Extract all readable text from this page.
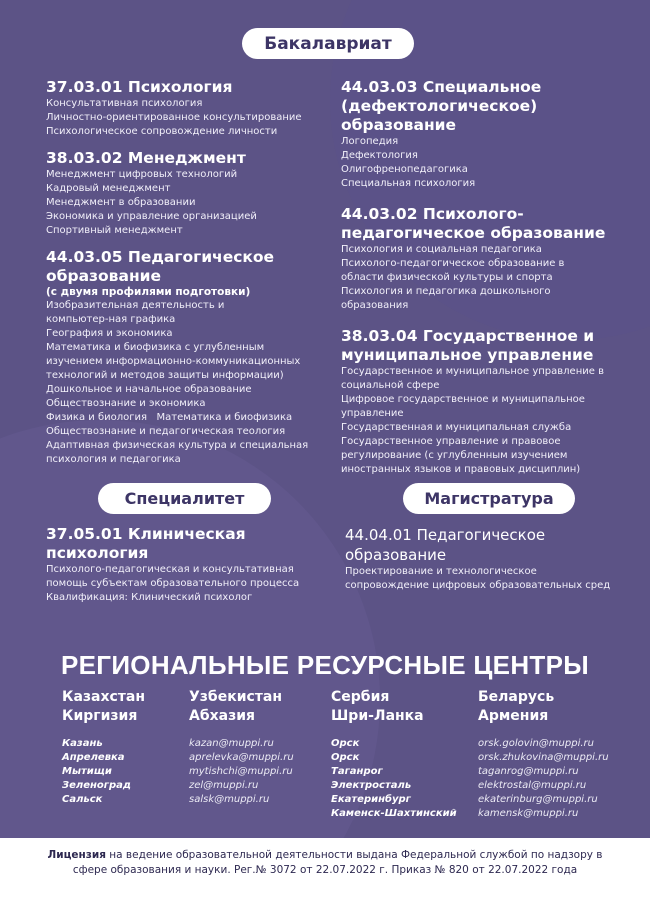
Бакалавриат
37.03.01 Психология
Консультативная психология
Личностно-ориентированное консультирование
Психологическое сопровождение личности
38.03.02 Менеджмент
Менеджмент цифровых технологий
Кадровый менеджмент
Менеджмент в образовании
Экономика и управление организацией
Спортивный менеджмент
44.03.05 Педагогическое образование
(с двумя профилями подготовки)
Изобразительная деятельность и
компьютер-ная графика
География и экономика
Математика и биофизика с углубленным
изучением информационно-коммуникационных
технологий и методов защиты информации)
Дошкольное и начальное образование
Обществознание и экономика
Физика и биология   Математика и биофизика
Обществознание и педагогическая теология
Адаптивная физическая культура и специальная
психология и педагогика
44.03.03 Специальное (дефектологическое) образование
Логопедия
Дефектология
Олигофренопедагогика
Специальная психология
44.03.02 Психолого-педагогическое образование
Психология и социальная педагогика
Психолого-педагогическое образование в
области физической культуры и спорта
Психология и педагогика дошкольного
образования
38.03.04 Государственное и муниципальное управление
Государственное и муниципальное управление в
социальной сфере
Цифровое государственное и муниципальное
управление
Государственная и муниципальная служба
Государственное управление и правовое
регулирование (с углубленным изучением
иностранных языков и правовых дисциплин)
Специалитет	Магистратура
37.05.01 Клиническая психология
Психолого-педагогическая и консультативная
помощь субъектам образовательного процесса
Квалификация: Клинический психолог
44.04.01 Педагогическое образование
Проектирование и технологическое
сопровождение цифровых образовательных сред
РЕГИОНАЛЬНЫЕ РЕСУРСНЫЕ ЦЕНТРЫ
Казахстан
Киргизия
Казань
Апрелевка
Мытищи
Зеленоград
Сальск
Узбекистан
Абхазия
kazan@muppi.ru
aprelevka@muppi.ru
mytishchi@muppi.ru
zel@muppi.ru
salsk@muppi.ru
Сербия
Шри-Ланка
Орск
Орск
Таганрог
Электросталь
Екатеринбург
Каменск-Шахтинский
Беларусь
Армения
orsk.golovin@muppi.ru
orsk.zhukovina@muppi.ru
taganrog@muppi.ru
elektrostal@muppi.ru
ekaterinburg@muppi.ru
kamensk@muppi.ru
Лицензия на ведение образовательной деятельности выдана Федеральной службой по надзору в сфере образования и науки. Рег.№ 3072 от 22.07.2022 г. Приказ № 820 от 22.07.2022 года
